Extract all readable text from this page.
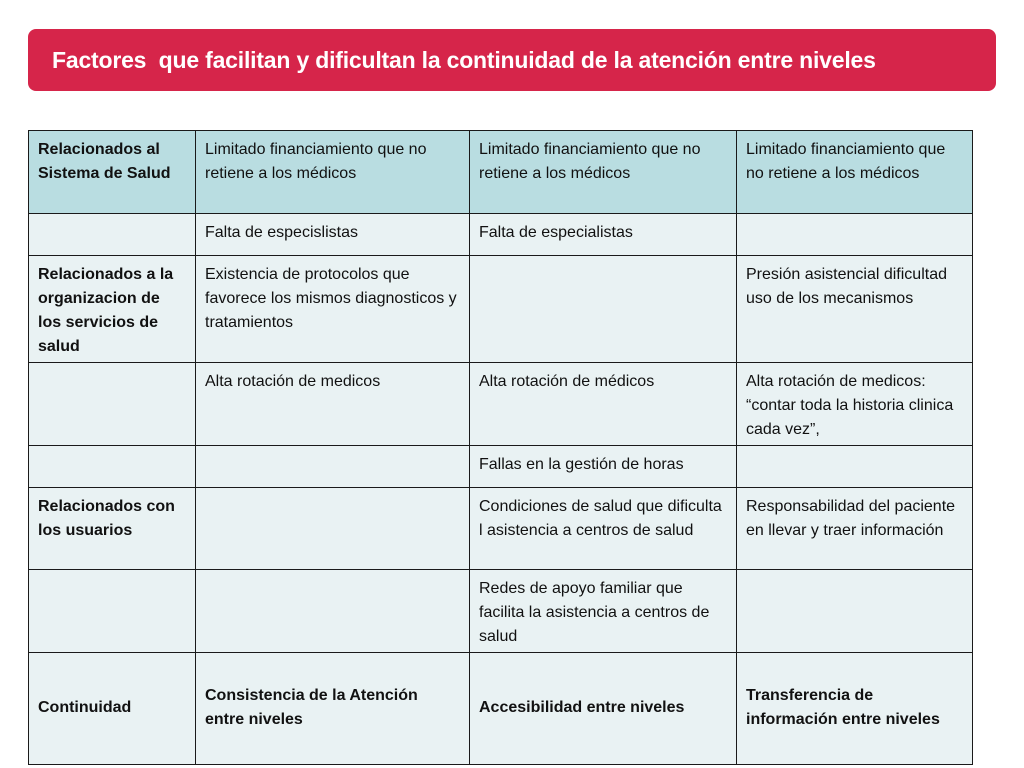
Factores  que facilitan y dificultan la continuidad de la atención entre niveles
Relacionados al Sistema de Salud	Limitado financiamiento que no retiene a los médicos	Limitado financiamiento que no retiene a los médicos	Limitado financiamiento que no retiene a los médicos
	Falta de especislistas	Falta de especialistas	
Relacionados a la organizacion de los servicios de salud	Existencia de protocolos que favorece los mismos diagnosticos y tratamientos		Presión asistencial dificultad uso de los mecanismos
	Alta rotación de medicos	Alta rotación de médicos	Alta rotación de medicos: “contar toda la historia clinica cada vez”,
		Fallas en la gestión de horas	
Relacionados con los usuarios		Condiciones de salud que dificulta l asistencia a centros de salud	Responsabilidad del paciente en llevar y traer información
		Redes de apoyo familiar que facilita la asistencia a centros de salud	
Continuidad	Consistencia de la Atención entre niveles	Accesibilidad entre niveles	Transferencia de información entre niveles
